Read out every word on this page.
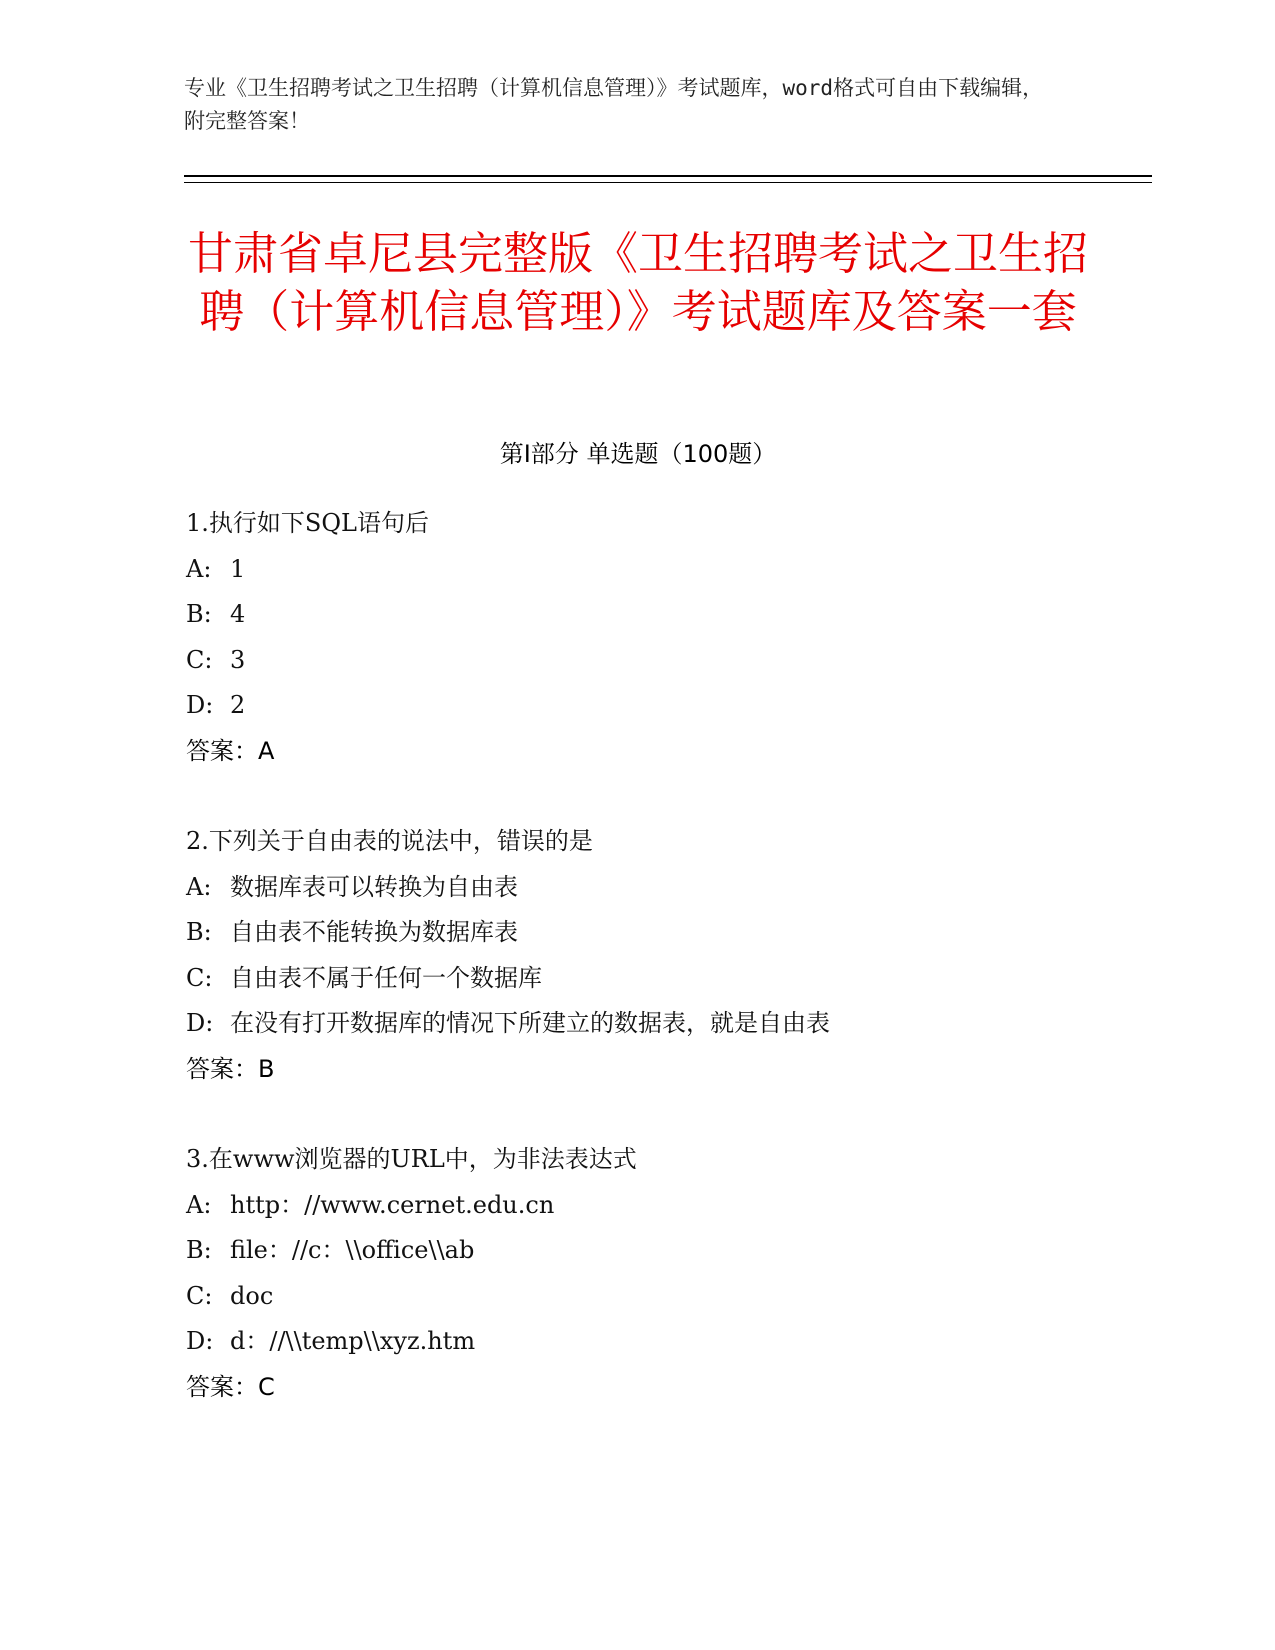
专业《卫生招聘考试之卫生招聘（计算机信息管理）》考试题库，word格式可自由下载编辑，附完整答案！
甘肃省卓尼县完整版《卫生招聘考试之卫生招聘（计算机信息管理）》考试题库及答案一套
第Ⅰ部分 单选题（100题）
1.执行如下SQL语句后
A: 1
B: 4
C: 3
D: 2
答案：A
2.下列关于自由表的说法中，错误的是
A: 数据库表可以转换为自由表
B: 自由表不能转换为数据库表
C: 自由表不属于任何一个数据库
D: 在没有打开数据库的情况下所建立的数据表，就是自由表
答案：B
3.在www浏览器的URL中，为非法表达式
A: http：//www.cernet.edu.cn
B: file：//c：\\office\\ab
C: doc
D: d：//\\temp\\xyz.htm
答案：C
